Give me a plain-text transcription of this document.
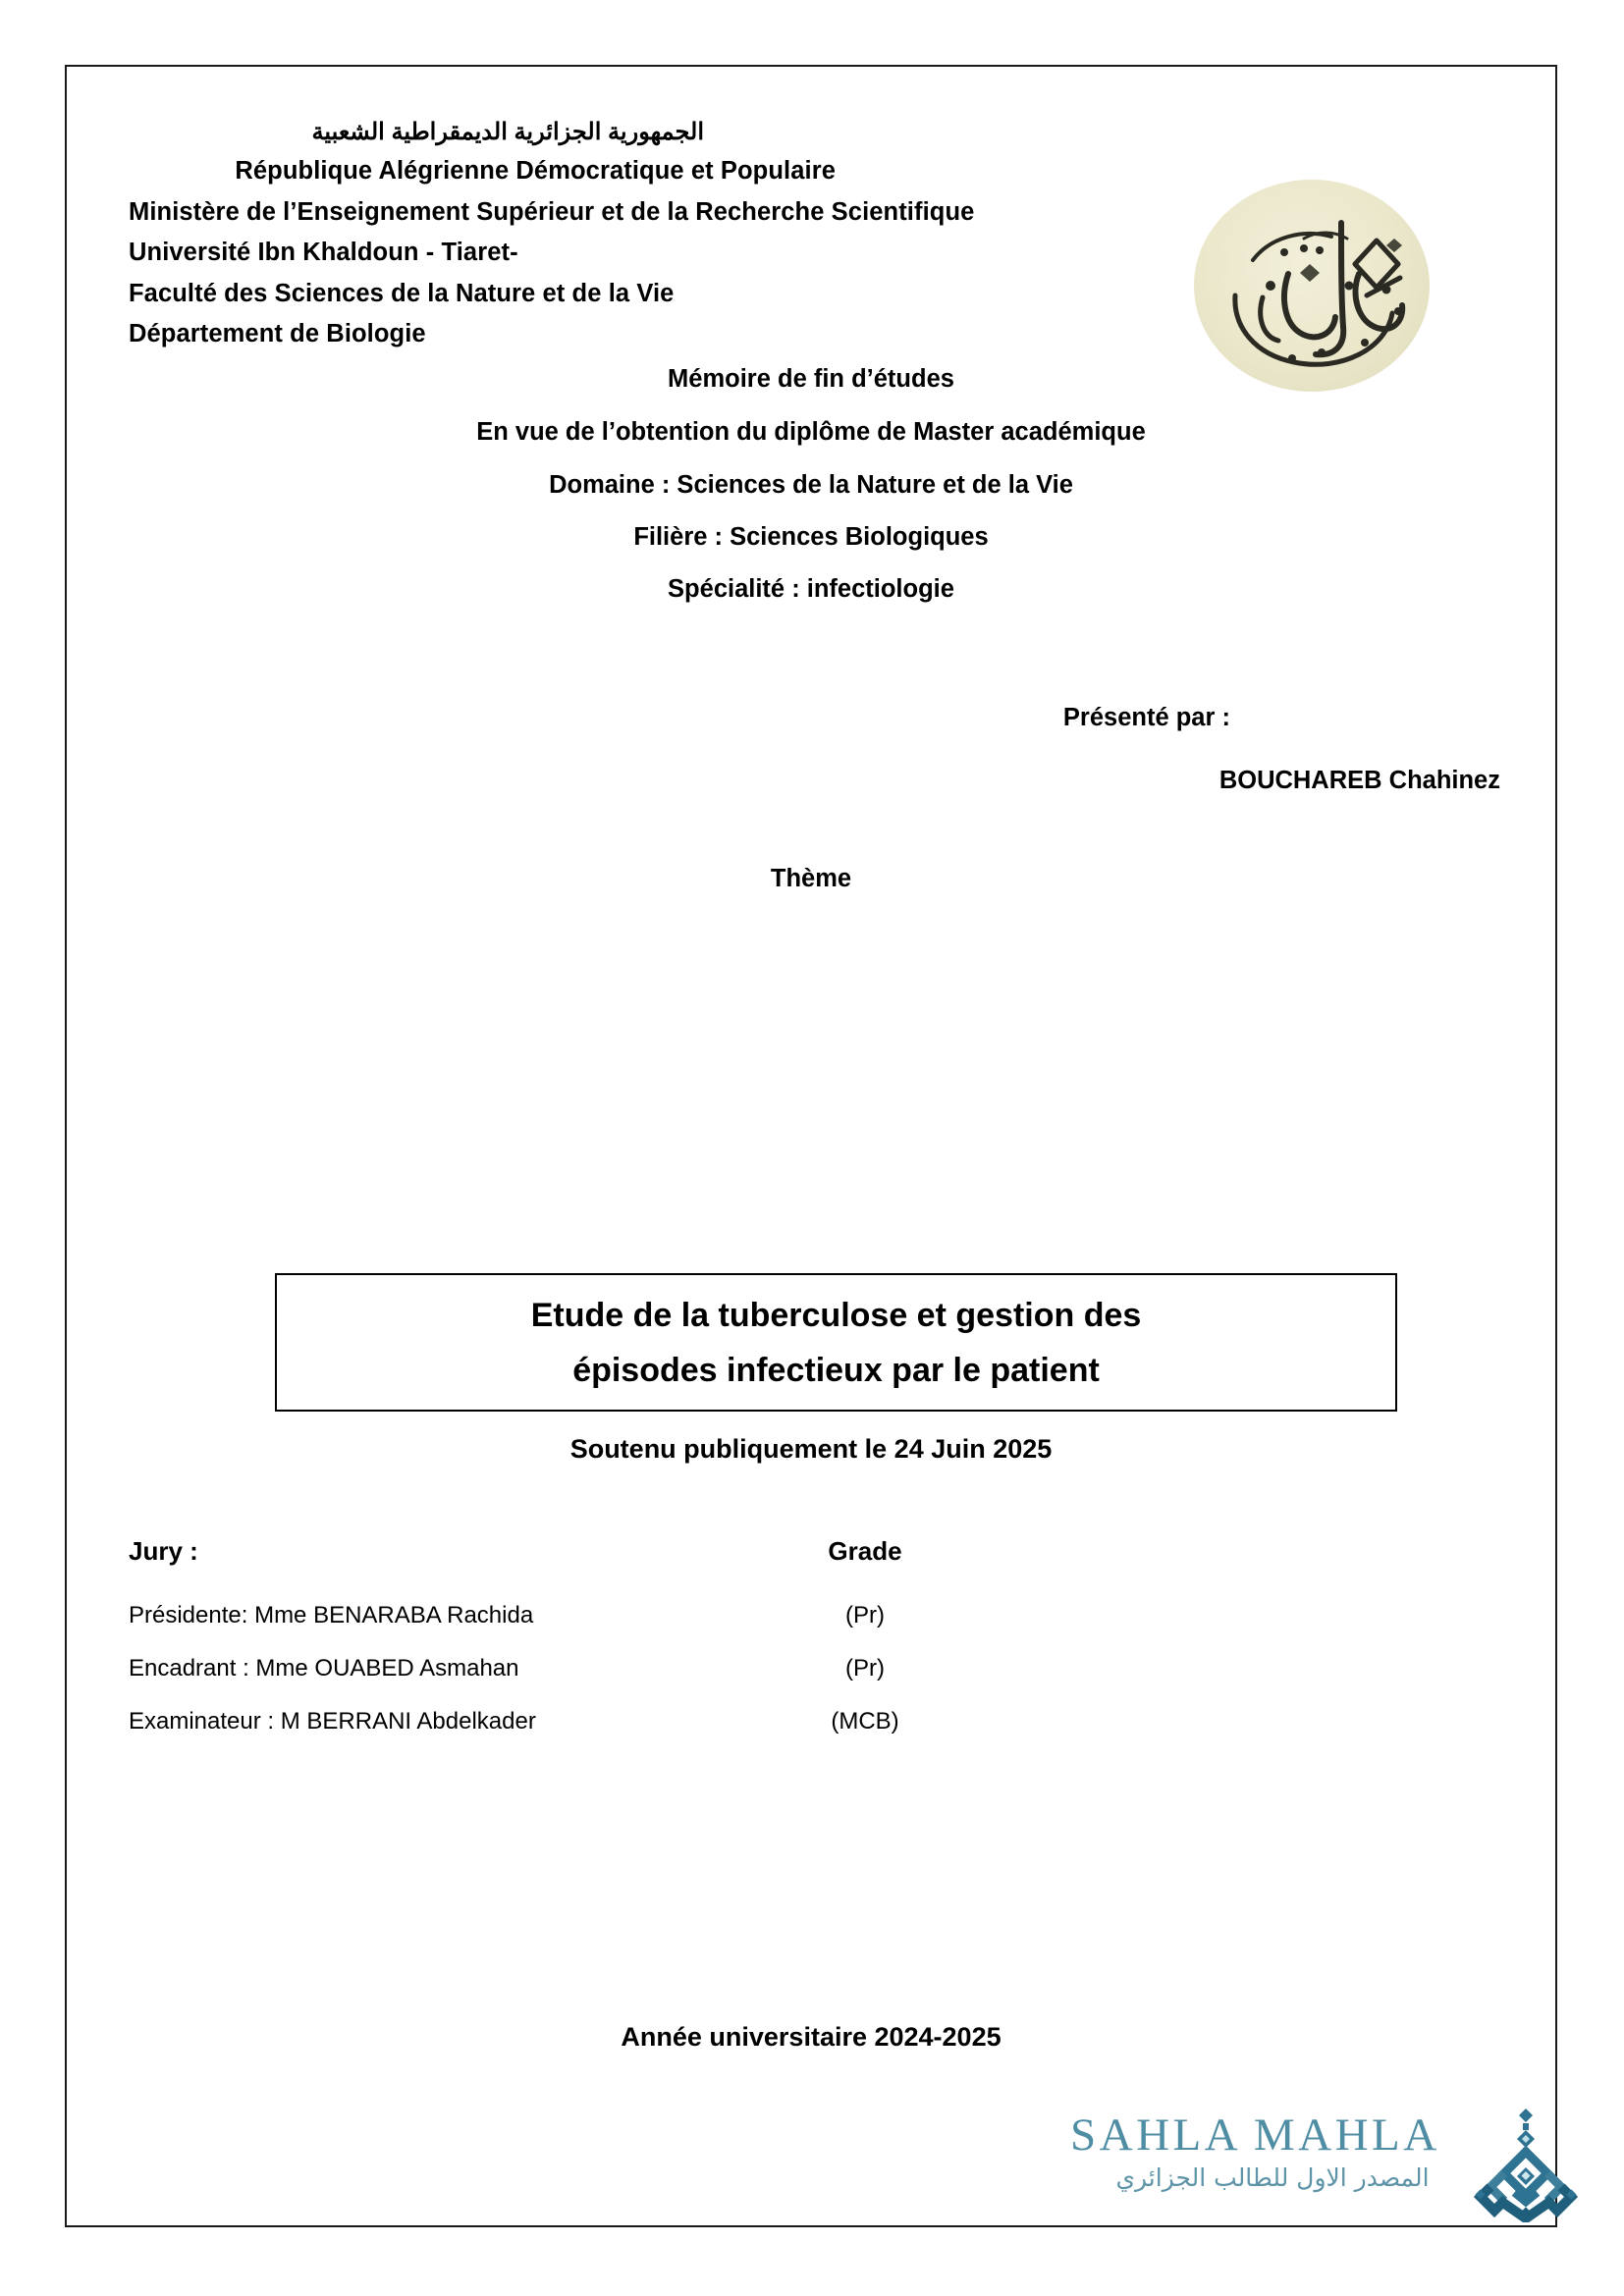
الجمهورية الجزائرية الديمقراطية الشعبية
République Alégrienne Démocratique et Populaire
Ministère de l’Enseignement Supérieur et de la Recherche Scientifique
Université Ibn Khaldoun - Tiaret-
Faculté des Sciences de la Nature et de la Vie
Département de Biologie
Mémoire de fin d’études
En vue de l’obtention du diplôme de Master académique
Domaine : Sciences de la Nature et de la Vie
Filière : Sciences Biologiques
Spécialité : infectiologie
Présenté par :
BOUCHAREB Chahinez
Thème
Etude de la tuberculose et gestion des
épisodes infectieux par le patient
Soutenu publiquement le 24 Juin 2025
Jury :	Grade
Présidente: Mme BENARABA Rachida	(Pr)
Encadrant : Mme OUABED Asmahan	(Pr)
Examinateur : M BERRANI Abdelkader	(MCB)
Année universitaire 2024-2025
SAHLA MAHLA
المصدر الاول للطالب الجزائري
